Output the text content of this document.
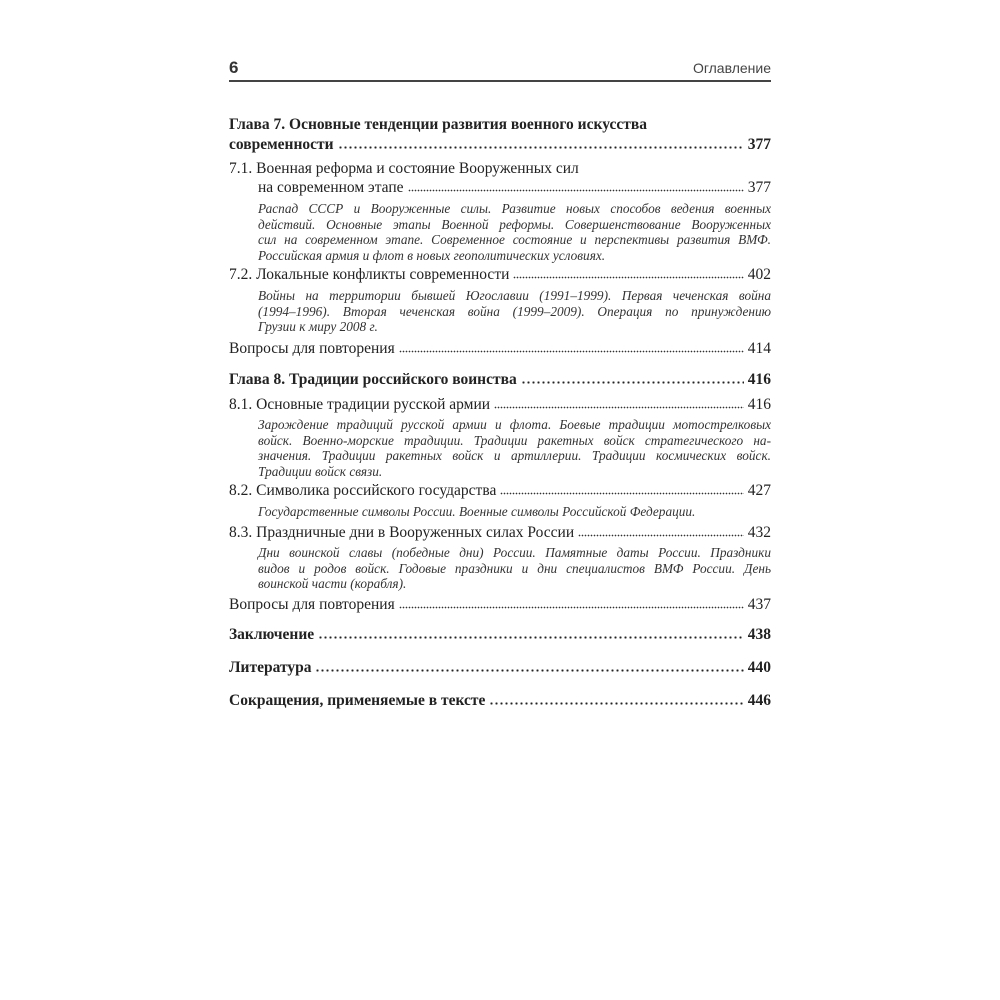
6	Оглавление
Глава 7. Основные тенденции развития военного искусства
современности	377
7.1. Военная реформа и состояние Вооруженных сил
на современном этапе	377
Распад СССР и Вооруженные силы. Развитие новых способов ведения военных
действий. Основные этапы Военной реформы. Совершенствование Вооруженных
сил на современном этапе. Современное состояние и перспективы развития ВМФ.
Российская армия и флот в новых геополитических условиях.
7.2. Локальные конфликты современности	402
Войны на территории бывшей Югославии (1991–1999). Первая чеченская война
(1994–1996). Вторая чеченская война (1999–2009). Операция по принуждению
Грузии к миру 2008 г.
Вопросы для повторения	414
Глава 8. Традиции российского воинства	416
8.1. Основные традиции русской армии	416
Зарождение традиций русской армии и флота. Боевые традиции мотострелковых
войск. Военно-морские традиции. Традиции ракетных войск стратегического на-
значения. Традиции ракетных войск и артиллерии. Традиции космических войск.
Традиции войск связи.
8.2. Символика российского государства	427
Государственные символы России. Военные символы Российской Федерации.
8.3. Праздничные дни в Вооруженных силах России	432
Дни воинской славы (победные дни) России. Памятные даты России. Праздники
видов и родов войск. Годовые праздники и дни специалистов ВМФ России. День
воинской части (корабля).
Вопросы для повторения	437
Заключение	438
Литература	440
Сокращения, применяемые в тексте	446
